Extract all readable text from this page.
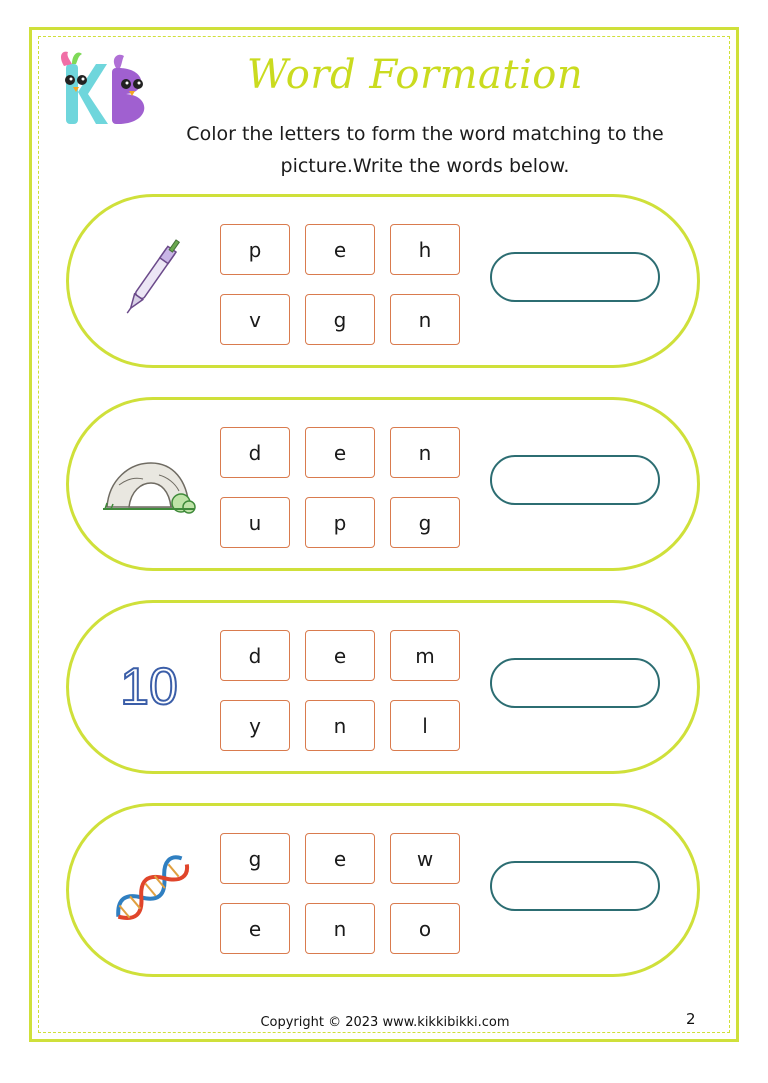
Word Formation
Color the letters to form the word matching to the picture.Write the words below.
p	e	h
v	g	n
d	e	n
u	p	g
10
d	e	m
y	n	l
g	e	w
e	n	o
Copyright © 2023 www.kikkibikki.com	2
